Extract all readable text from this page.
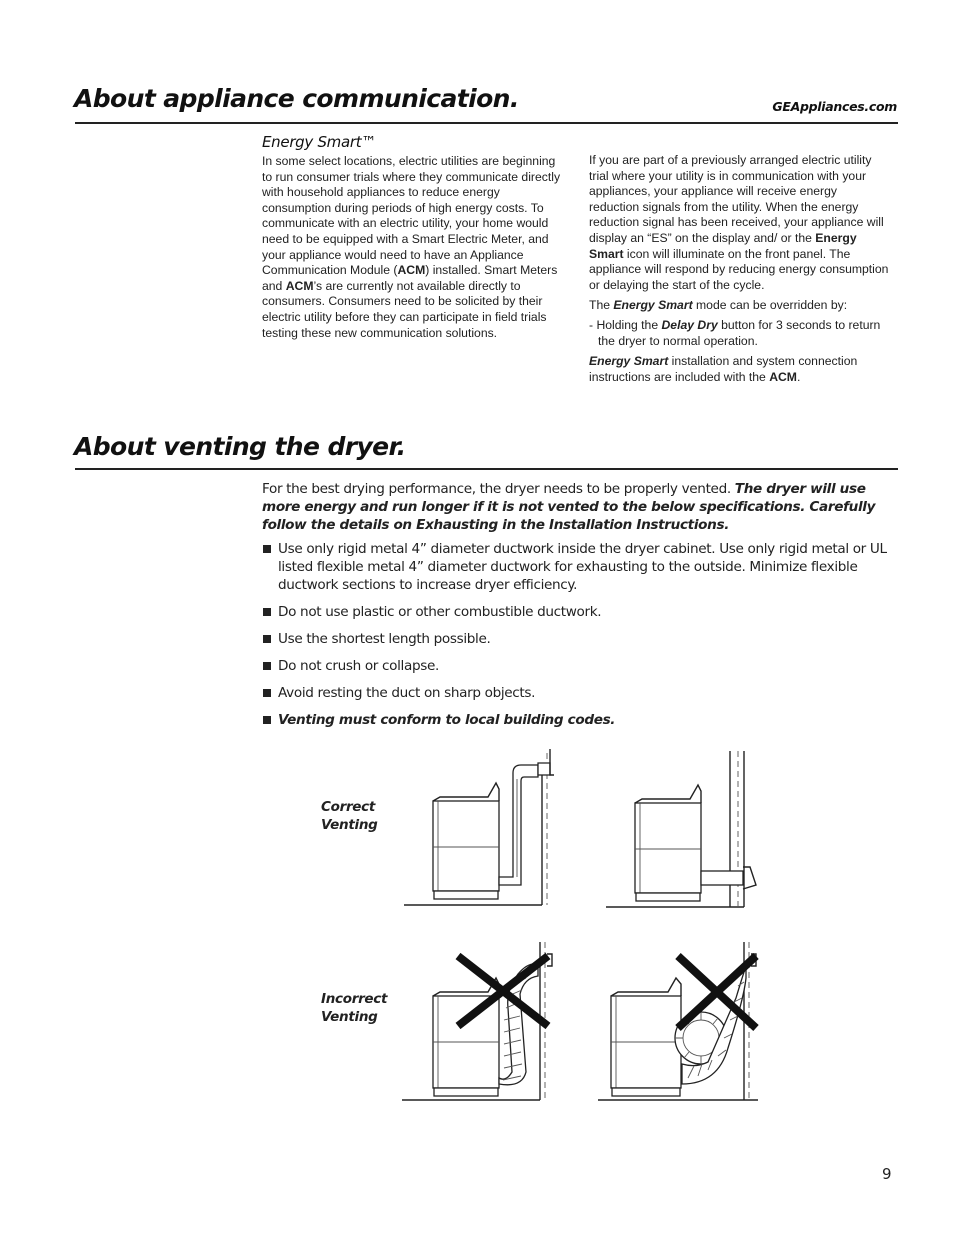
About appliance communication.	GEAppliances.com
Energy Smart™

In some select locations, electric utilities are beginning to run consumer trials where they communicate directly with household appliances to reduce energy consumption during periods of high energy costs. To communicate with an electric utility, your home would need to be equipped with a Smart Electric Meter, and your appliance would need to have an Appliance Communication Module (ACM) installed. Smart Meters and ACM’s are currently not available directly to consumers. Consumers need to be solicited by their electric utility before they can participate in field trials testing these new communication solutions.

If you are part of a previously arranged electric utility trial where your utility is in communication with your appliances, your appliance will receive energy reduction signals from the utility. When the energy reduction signal has been received, your appliance will display an “ES” on the display and/ or the Energy Smart icon will illuminate on the front panel. The appliance will respond by reducing energy consumption or delaying the start of the cycle.

The Energy Smart mode can be overridden by:

- Holding the Delay Dry button for 3 seconds to return the dryer to normal operation.

Energy Smart installation and system connection instructions are included with the ACM.

About venting the dryer.

For the best drying performance, the dryer needs to be properly vented. The dryer will use more energy and run longer if it is not vented to the below specifications. Carefully follow the details on Exhausting in the Installation Instructions.

Use only rigid metal 4” diameter ductwork inside the dryer cabinet. Use only rigid metal or UL listed flexible metal 4” diameter ductwork for exhausting to the outside. Minimize flexible ductwork sections to increase dryer efficiency.
Do not use plastic or other combustible ductwork.
Use the shortest length possible.
Do not crush or collapse.
Avoid resting the duct on sharp objects.
Venting must conform to local building codes.
Correct Venting
Incorrect Venting
9
